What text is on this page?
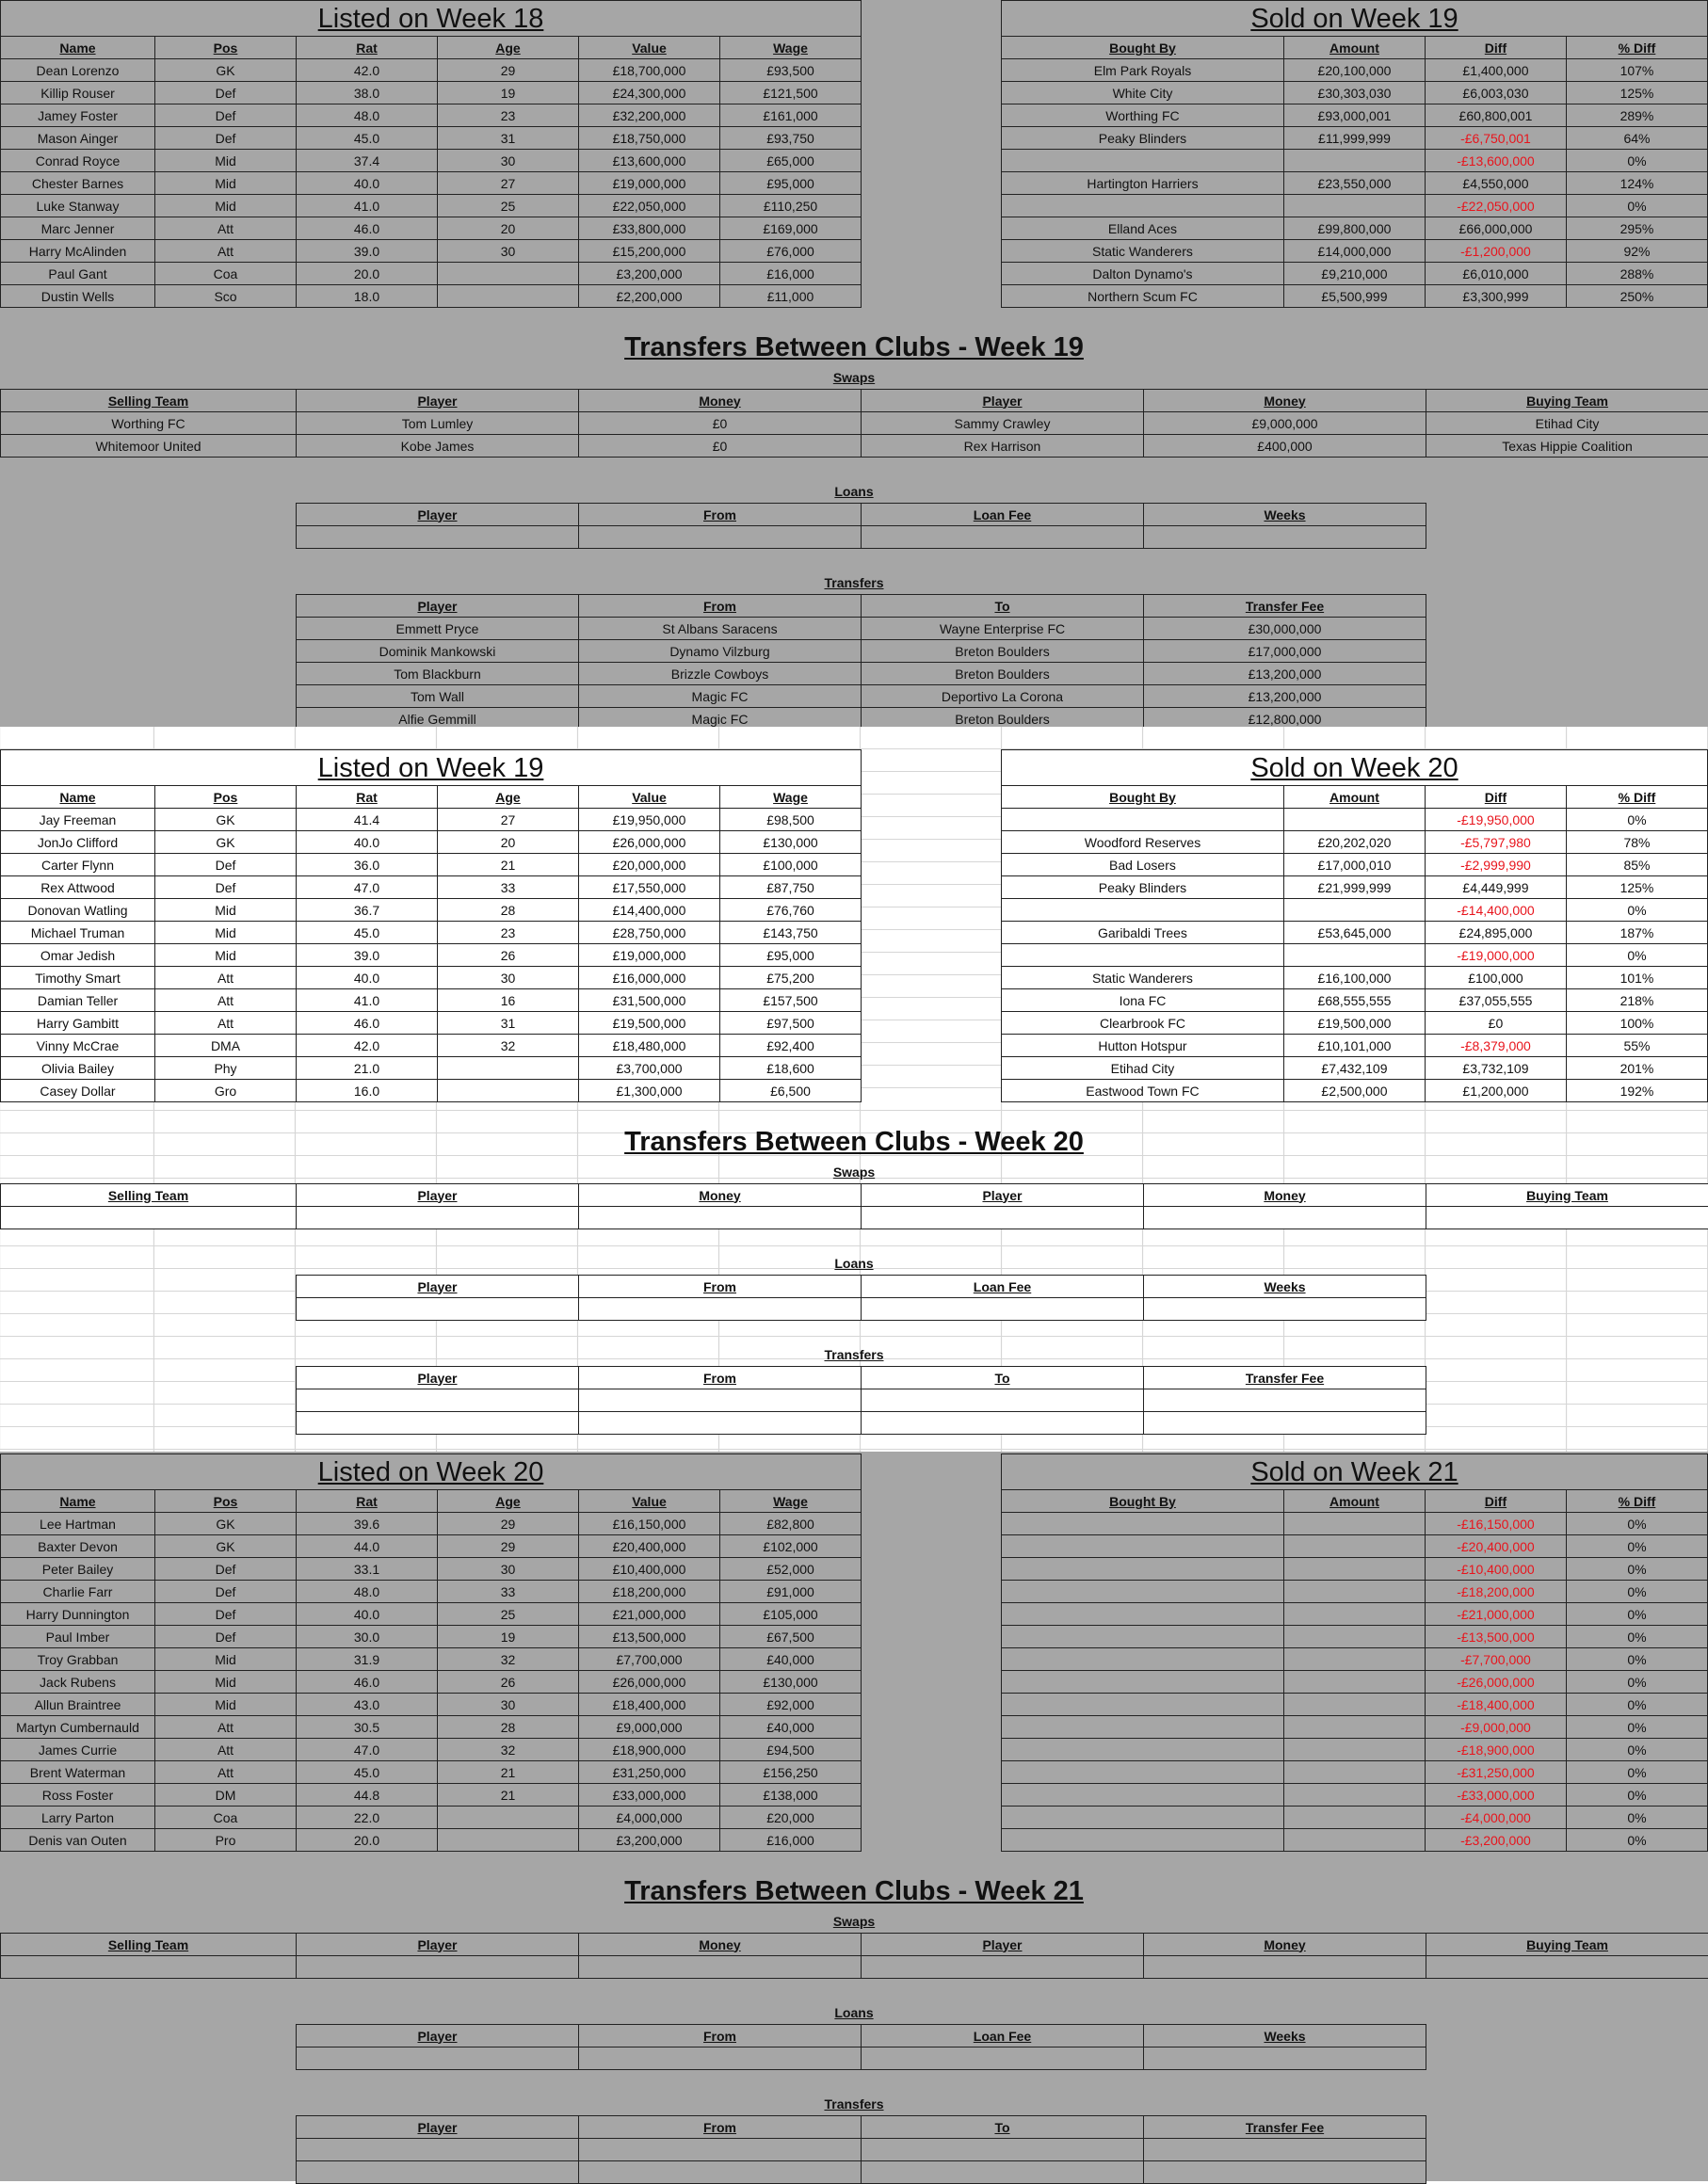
Listed on Week 18					
Name	Pos	Rat	Age	Value	Wage
Dean Lorenzo	GK	42.0	29	£18,700,000	£93,500
Killip Rouser	Def	38.0	19	£24,300,000	£121,500
Jamey Foster	Def	48.0	23	£32,200,000	£161,000
Mason Ainger	Def	45.0	31	£18,750,000	£93,750
Conrad Royce	Mid	37.4	30	£13,600,000	£65,000
Chester Barnes	Mid	40.0	27	£19,000,000	£95,000
Luke Stanway	Mid	41.0	25	£22,050,000	£110,250
Marc Jenner	Att	46.0	20	£33,800,000	£169,000
Harry McAlinden	Att	39.0	30	£15,200,000	£76,000
Paul Gant	Coa	20.0		£3,200,000	£16,000
Dustin Wells	Sco	18.0		£2,200,000	£11,000
Sold on Week 19			
Bought By	Amount	Diff	% Diff
Elm Park Royals	£20,100,000	£1,400,000	107%
White City	£30,303,030	£6,003,030	125%
Worthing FC	£93,000,001	£60,800,001	289%
Peaky Blinders	£11,999,999	-£6,750,001	64%
		-£13,600,000	0%
Hartington Harriers	£23,550,000	£4,550,000	124%
		-£22,050,000	0%
Elland Aces	£99,800,000	£66,000,000	295%
Static Wanderers	£14,000,000	-£1,200,000	92%
Dalton Dynamo's	£9,210,000	£6,010,000	288%
Northern Scum FC	£5,500,999	£3,300,999	250%
Transfers Between Clubs - Week 19
Swaps
Selling Team	Player	Money	Player	Money	Buying Team
Worthing FC	Tom Lumley	£0	Sammy Crawley	£9,000,000	Etihad City
Whitemoor United	Kobe James	£0	Rex Harrison	£400,000	Texas Hippie Coalition
Loans
Player	From	Loan Fee	Weeks

Transfers
Player	From	To	Transfer Fee
Emmett Pryce	St Albans Saracens	Wayne Enterprise FC	£30,000,000
Dominik Mankowski	Dynamo Vilzburg	Breton Boulders	£17,000,000
Tom Blackburn	Brizzle Cowboys	Breton Boulders	£13,200,000
Tom Wall	Magic FC	Deportivo La Corona	£13,200,000
Alfie Gemmill	Magic FC	Breton Boulders	£12,800,000
Listed on Week 19					
Name	Pos	Rat	Age	Value	Wage
Jay Freeman	GK	41.4	27	£19,950,000	£98,500
JonJo Clifford	GK	40.0	20	£26,000,000	£130,000
Carter Flynn	Def	36.0	21	£20,000,000	£100,000
Rex Attwood	Def	47.0	33	£17,550,000	£87,750
Donovan Watling	Mid	36.7	28	£14,400,000	£76,760
Michael Truman	Mid	45.0	23	£28,750,000	£143,750
Omar Jedish	Mid	39.0	26	£19,000,000	£95,000
Timothy Smart	Att	40.0	30	£16,000,000	£75,200
Damian Teller	Att	41.0	16	£31,500,000	£157,500
Harry Gambitt	Att	46.0	31	£19,500,000	£97,500
Vinny McCrae	DMA	42.0	32	£18,480,000	£92,400
Olivia Bailey	Phy	21.0		£3,700,000	£18,600
Casey Dollar	Gro	16.0		£1,300,000	£6,500
Sold on Week 20			
Bought By	Amount	Diff	% Diff
		-£19,950,000	0%
Woodford Reserves	£20,202,020	-£5,797,980	78%
Bad Losers	£17,000,010	-£2,999,990	85%
Peaky Blinders	£21,999,999	£4,449,999	125%
		-£14,400,000	0%
Garibaldi Trees	£53,645,000	£24,895,000	187%
		-£19,000,000	0%
Static Wanderers	£16,100,000	£100,000	101%
Iona FC	£68,555,555	£37,055,555	218%
Clearbrook FC	£19,500,000	£0	100%
Hutton Hotspur	£10,101,000	-£8,379,000	55%
Etihad City	£7,432,109	£3,732,109	201%
Eastwood Town FC	£2,500,000	£1,200,000	192%
Transfers Between Clubs - Week 20
Swaps
Selling Team	Player	Money	Player	Money	Buying Team

Loans
Player	From	Loan Fee	Weeks

Transfers
Player	From	To	Transfer Fee

Listed on Week 20					
Name	Pos	Rat	Age	Value	Wage
Lee Hartman	GK	39.6	29	£16,150,000	£82,800
Baxter Devon	GK	44.0	29	£20,400,000	£102,000
Peter Bailey	Def	33.1	30	£10,400,000	£52,000
Charlie Farr	Def	48.0	33	£18,200,000	£91,000
Harry Dunnington	Def	40.0	25	£21,000,000	£105,000
Paul Imber	Def	30.0	19	£13,500,000	£67,500
Troy Grabban	Mid	31.9	32	£7,700,000	£40,000
Jack Rubens	Mid	46.0	26	£26,000,000	£130,000
Allun Braintree	Mid	43.0	30	£18,400,000	£92,000
Martyn Cumbernauld	Att	30.5	28	£9,000,000	£40,000
James Currie	Att	47.0	32	£18,900,000	£94,500
Brent Waterman	Att	45.0	21	£31,250,000	£156,250
Ross Foster	DM	44.8	21	£33,000,000	£138,000
Larry Parton	Coa	22.0		£4,000,000	£20,000
Denis van Outen	Pro	20.0		£3,200,000	£16,000
Sold on Week 21			
Bought By	Amount	Diff	% Diff
		-£16,150,000	0%
		-£20,400,000	0%
		-£10,400,000	0%
		-£18,200,000	0%
		-£21,000,000	0%
		-£13,500,000	0%
		-£7,700,000	0%
		-£26,000,000	0%
		-£18,400,000	0%
		-£9,000,000	0%
		-£18,900,000	0%
		-£31,250,000	0%
		-£33,000,000	0%
		-£4,000,000	0%
		-£3,200,000	0%
Transfers Between Clubs - Week 21
Swaps
Selling Team	Player	Money	Player	Money	Buying Team

Loans
Player	From	Loan Fee	Weeks

Transfers
Player	From	To	Transfer Fee
